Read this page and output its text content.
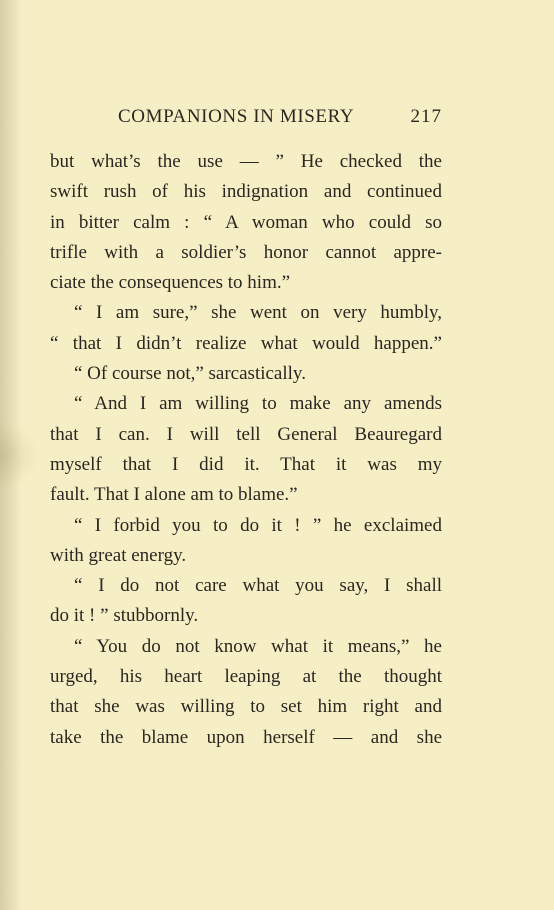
COMPANIONS IN MISERY	217
but what’s the use — ” He checked the
swift rush of his indignation and continued
in bitter calm : “ A woman who could so
trifle with a soldier’s honor cannot appre-
ciate the consequences to him.”
“ I am sure,” she went on very humbly,
“ that I didn’t realize what would happen.”
“ Of course not,” sarcastically.
“ And I am willing to make any amends
that I can. I will tell General Beauregard
myself that I did it. That it was my
fault. That I alone am to blame.”
“ I forbid you to do it ! ” he exclaimed
with great energy.
“ I do not care what you say, I shall
do it ! ” stubbornly.
“ You do not know what it means,” he
urged, his heart leaping at the thought
that she was willing to set him right and
take the blame upon herself — and she
